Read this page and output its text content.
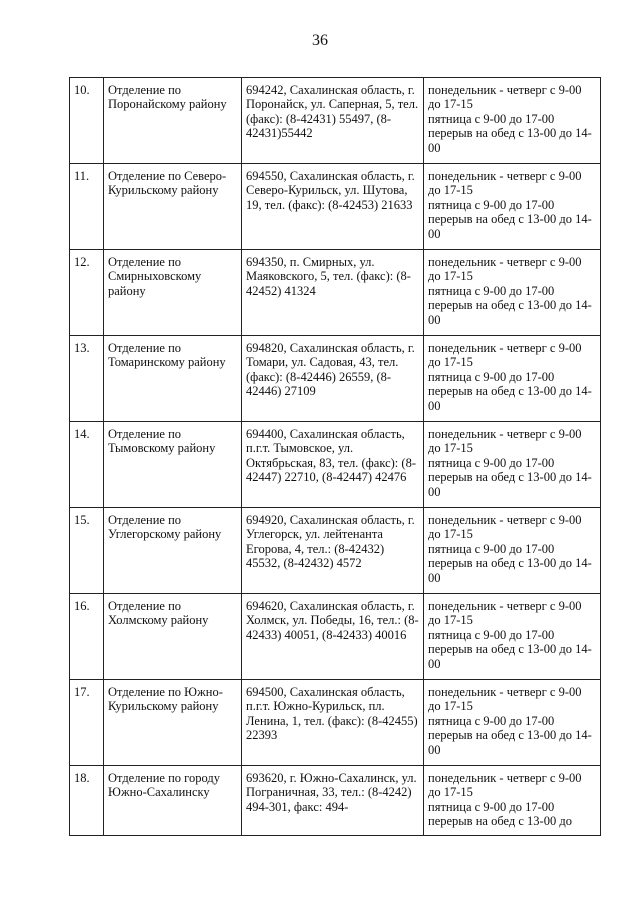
36
10.	Отделение по Поронайскому району	694242, Сахалинская область, г. Поронайск, ул. Саперная, 5, тел. (факс): (8-42431) 55497, (8-42431)55442	понедельник - четверг с 9-00 до 17-15
пятница с 9-00 до 17-00
перерыв на обед с 13-00 до 14-00

11.	Отделение по Северо-Курильскому району	694550, Сахалинская область, г. Северо-Курильск, ул. Шутова, 19, тел. (факс): (8-42453) 21633	понедельник - четверг с 9-00 до 17-15
пятница с 9-00 до 17-00
перерыв на обед с 13-00 до 14-00

12.	Отделение по Смирныховскому району	694350, п. Смирных, ул. Маяковского, 5, тел. (факс): (8-42452) 41324	понедельник - четверг с 9-00 до 17-15
пятница с 9-00 до 17-00
перерыв на обед с 13-00 до 14-00

13.	Отделение по Томаринскому району	694820, Сахалинская область, г. Томари, ул. Садовая, 43, тел. (факс): (8-42446) 26559, (8-42446) 27109	понедельник - четверг с 9-00 до 17-15
пятница с 9-00 до 17-00
перерыв на обед с 13-00 до 14-00

14.	Отделение по Тымовскому району	694400, Сахалинская область, п.г.т. Тымовское, ул. Октябрьская, 83, тел. (факс): (8-42447) 22710, (8-42447) 42476	понедельник - четверг с 9-00 до 17-15
пятница с 9-00 до 17-00
перерыв на обед с 13-00 до 14-00

15.	Отделение по Углегорскому району	694920, Сахалинская область, г. Углегорск, ул. лейтенанта Егорова, 4, тел.: (8-42432) 45532, (8-42432) 4572	понедельник - четверг с 9-00 до 17-15
пятница с 9-00 до 17-00
перерыв на обед с 13-00 до 14-00

16.	Отделение по Холмскому району	694620, Сахалинская область, г. Холмск, ул. Победы, 16, тел.: (8-42433) 40051, (8-42433) 40016	понедельник - четверг с 9-00 до 17-15
пятница с 9-00 до 17-00
перерыв на обед с 13-00 до 14-00

17.	Отделение по Южно-Курильскому району	694500, Сахалинская область, п.г.т. Южно-Курильск, пл. Ленина, 1, тел. (факс): (8-42455) 22393	понедельник - четверг с 9-00 до 17-15
пятница с 9-00 до 17-00
перерыв на обед с 13-00 до 14-00

18.	Отделение по городу Южно-Сахалинску	693620, г. Южно-Сахалинск, ул. Пограничная, 33, тел.: (8-4242) 494-301, факс: 494-	понедельник - четверг с 9-00 до 17-15
пятница с 9-00 до 17-00
перерыв на обед с 13-00 до
